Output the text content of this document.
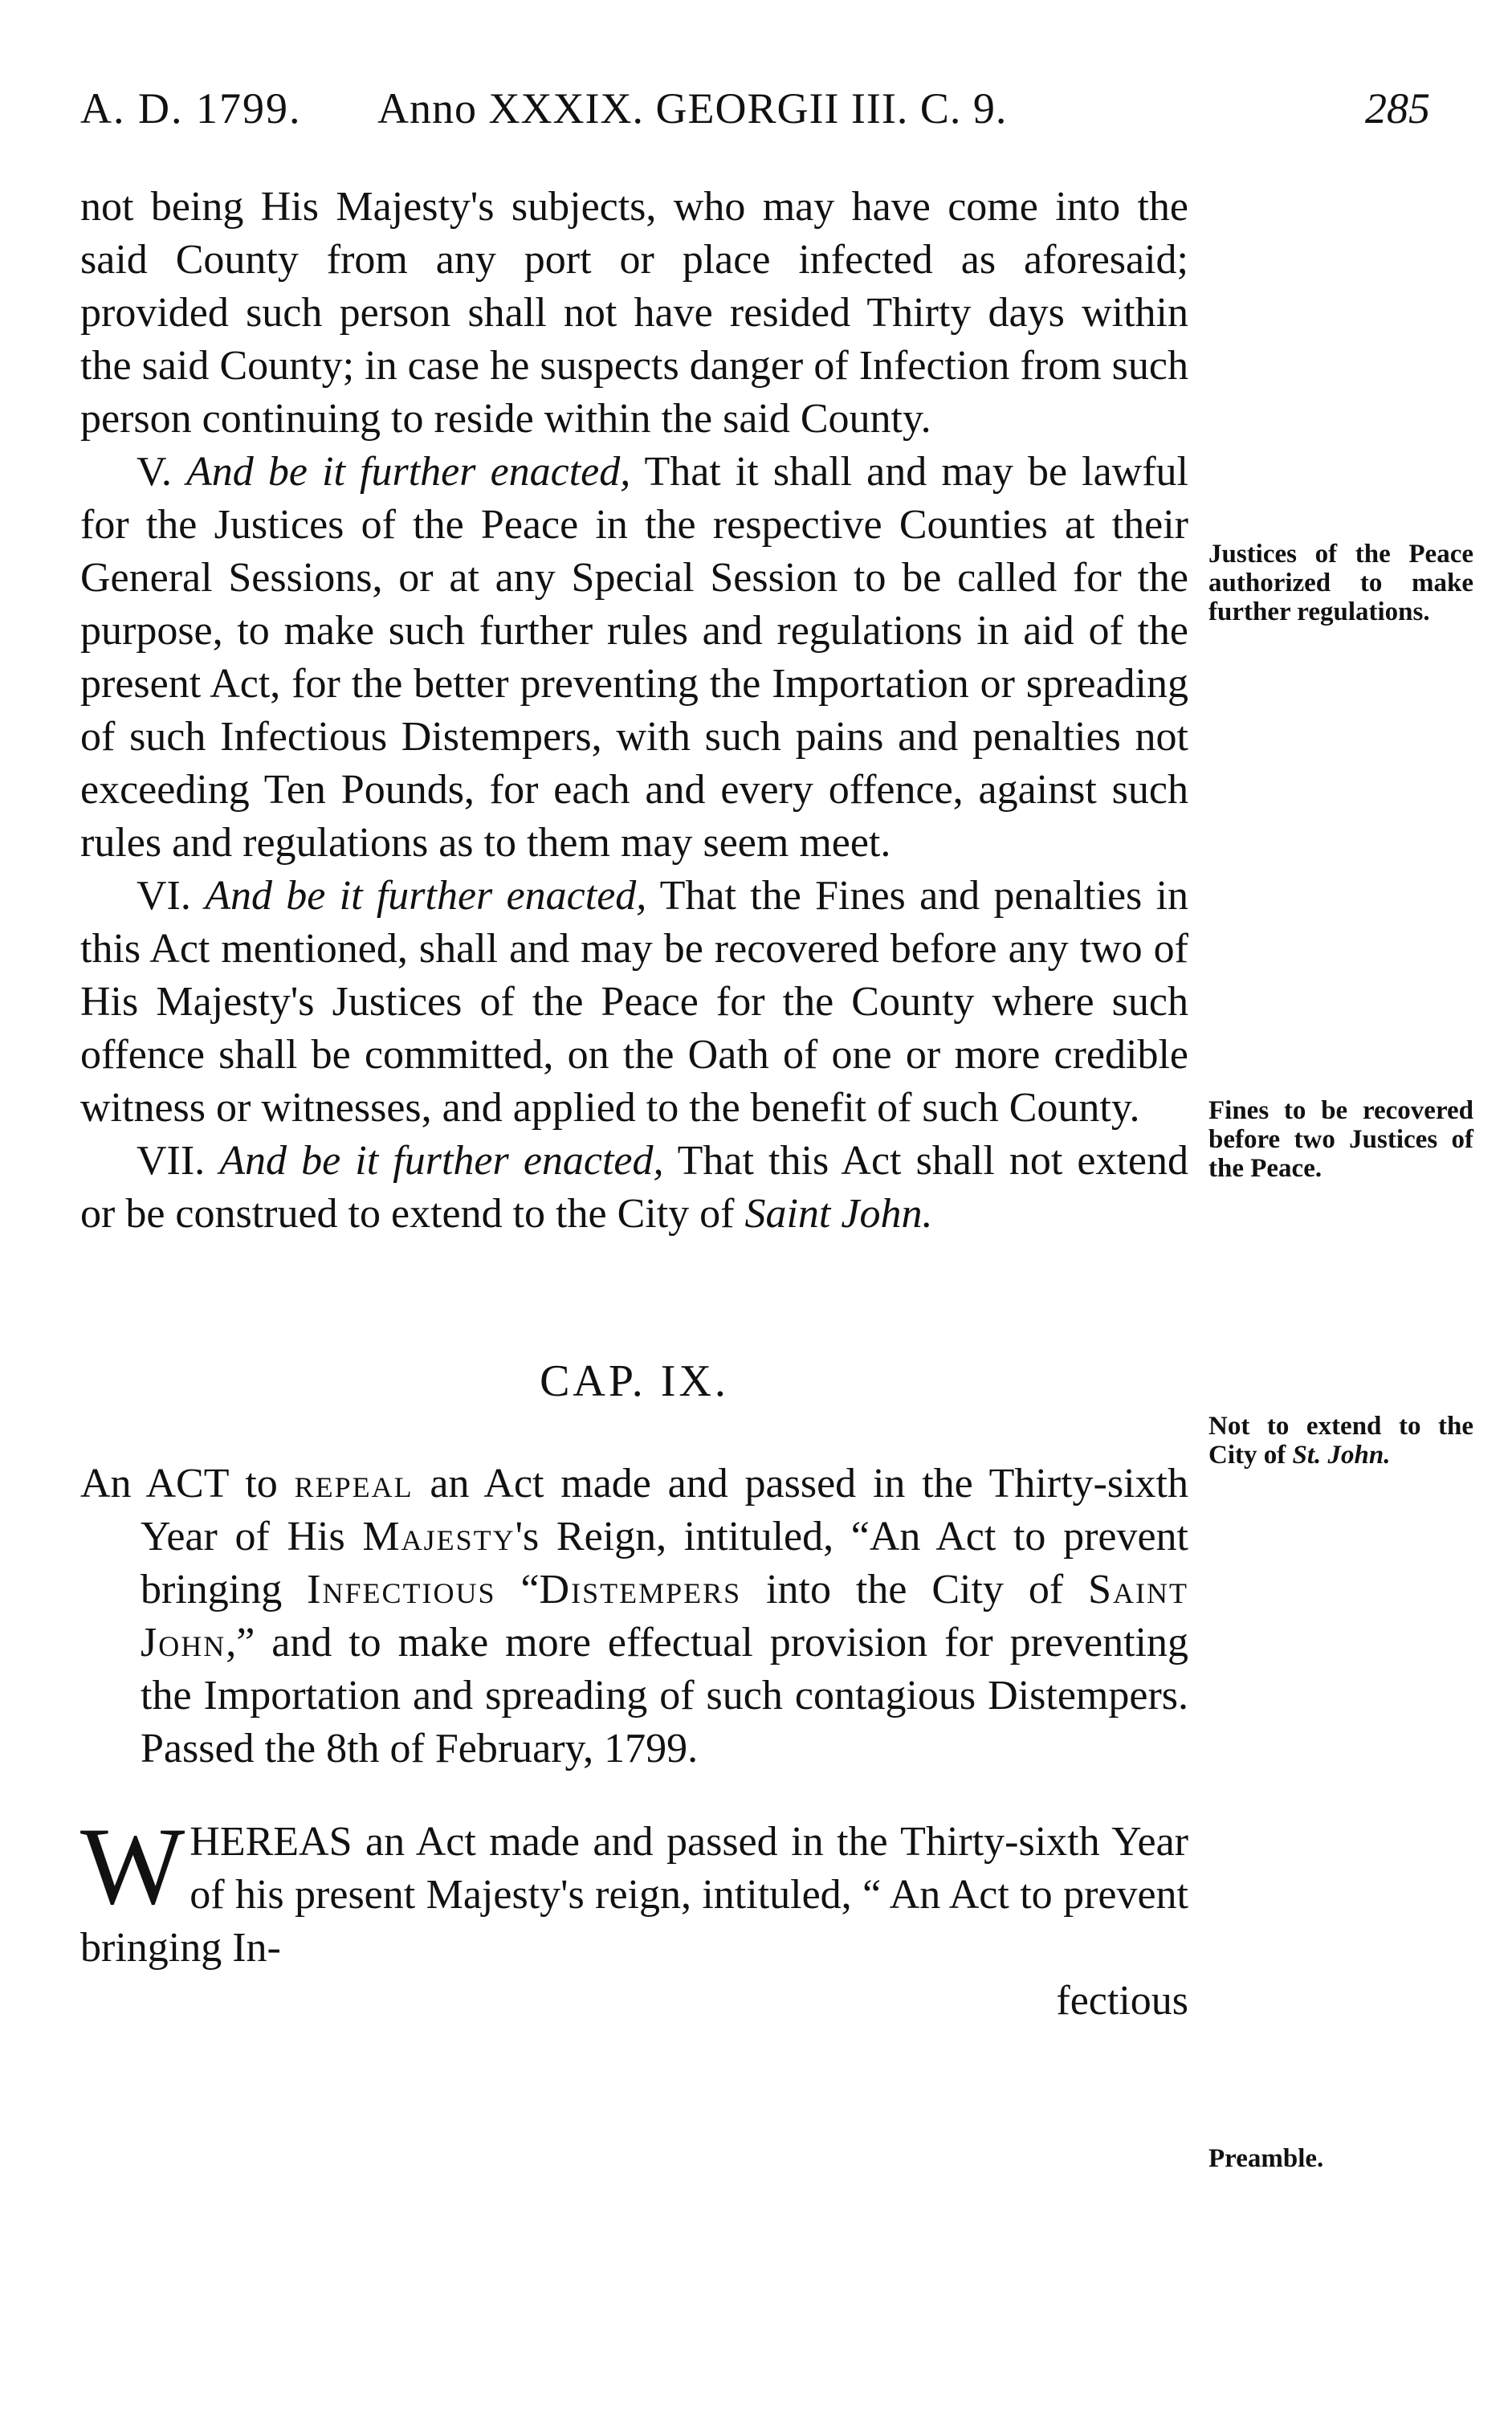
A. D. 1799. Anno XXXIX. GEORGII III. C. 9.	285

not being His Majesty's subjects, who may have come into the said County from any port or place infected as aforesaid; provided such person shall not have resided Thirty days within the said County; in case he suspects danger of Infection from such person continuing to reside within the said County.

V. And be it further enacted, That it shall and may be lawful for the Justices of the Peace in the respective Counties at their General Sessions, or at any Special Session to be called for the purpose, to make such further rules and regulations in aid of the present Act, for the better preventing the Importation or spreading of such Infectious Distempers, with such pains and penalties not exceeding Ten Pounds, for each and every offence, against such rules and regulations as to them may seem meet.

VI. And be it further enacted, That the Fines and penalties in this Act mentioned, shall and may be recovered before any two of His Majesty's Justices of the Peace for the County where such offence shall be committed, on the Oath of one or more credible witness or witnesses, and applied to the benefit of such County.

VII. And be it further enacted, That this Act shall not extend or be construed to extend to the City of Saint John.

CAP. IX.

An ACT to repeal an Act made and passed in the Thirty-sixth Year of His Majesty's Reign, intituled, “An Act to prevent bringing Infectious “Distempers into the City of Saint John,” and to make more effectual provision for preventing the Importation and spreading of such contagious Distempers. Passed the 8th of February, 1799.

WHEREAS an Act made and passed in the Thirty-sixth Year of his present Majesty's reign, intituled, “ An Act to prevent bringing In-

fectious

Justices of the Peace authorized to make further regulations.
Fines to be recovered before two Justices of the Peace.
Not to extend to the City of St. John.
Preamble.
